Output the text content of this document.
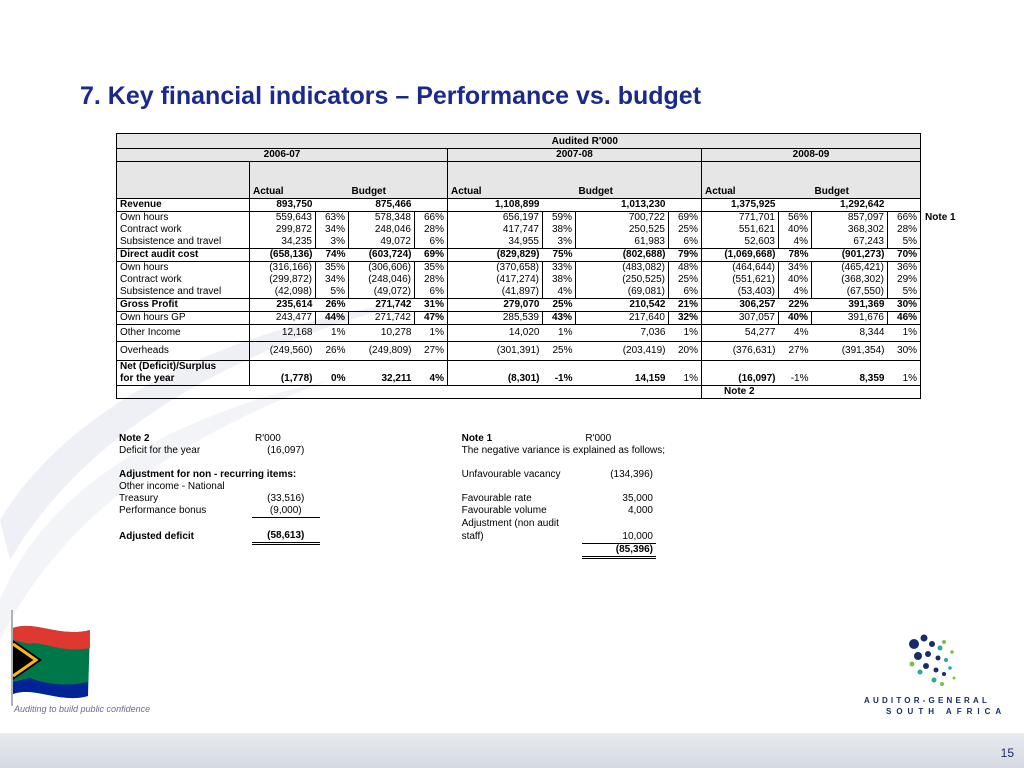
7. Key financial indicators – Performance vs. budget
	Audited R'000												
2006-07					2007-08				2008-09				
	Actual		Budget		Actual		Budget		Actual		Budget		
Revenue	893,750		875,466		1,108,899		1,013,230		1,375,925		1,292,642		
Own hours	559,643	63%	578,348	66%	656,197	59%	700,722	69%	771,701	56%	857,097	66%	Note 1

Contract work	299,872	34%	248,046	28%	417,747	38%	250,525	25%	551,621	40%	368,302	28%	
Subsistence and travel	34,235	3%	49,072	6%	34,955	3%	61,983	6%	52,603	4%	67,243	5%	
Direct audit cost	(658,136)	74%	(603,724)	69%	(829,829)	75%	(802,688)	79%	(1,069,668)	78%	(901,273)	70%	
Own hours	(316,166)	35%	(306,606)	35%	(370,658)	33%	(483,082)	48%	(464,644)	34%	(465,421)	36%	
Contract work	(299,872)	34%	(248,046)	28%	(417,274)	38%	(250,525)	25%	(551,621)	40%	(368,302)	29%	
Subsistence and travel	(42,098)	5%	(49,072)	6%	(41,897)	4%	(69,081)	6%	(53,403)	4%	(67,550)	5%	
Gross Profit	235,614	26%	271,742	31%	279,070	25%	210,542	21%	306,257	22%	391,369	30%	
Own hours GP	243,477	44%	271,742	47%	285,539	43%	217,640	32%	307,057	40%	391,676	46%	
Other Income	12,168	1%	10,278	1%	14,020	1%	7,036	1%	54,277	4%	8,344	1%	
Overheads	(249,560)	26%	(249,809)	27%	(301,391)	25%	(203,419)	20%	(376,631)	27%	(391,354)	30%	

Net (Deficit)/Surplus
for the year	(1,778)	0%	32,211	4%	(8,301)	-1%	14,159	1%	(16,097)	-1%	8,359	1%	
									Note 2				
Note 2	R'000		Note 1	R'000
Deficit for the year	(16,097)		The negative variance is explained as follows;	

Adjustment for non - recurring items:			Unfavourable vacancy	(134,396)
Other income - National				
Treasury	(33,516)		Favourable rate	35,000
Performance bonus	(9,000)		Favourable volume	4,000
			Adjustment (non audit	
Adjusted deficit	(58,613)		staff)	10,000
				(85,396)
Auditing to build public confidence
AUDITOR-GENERAL
SOUTH AFRICA
15
